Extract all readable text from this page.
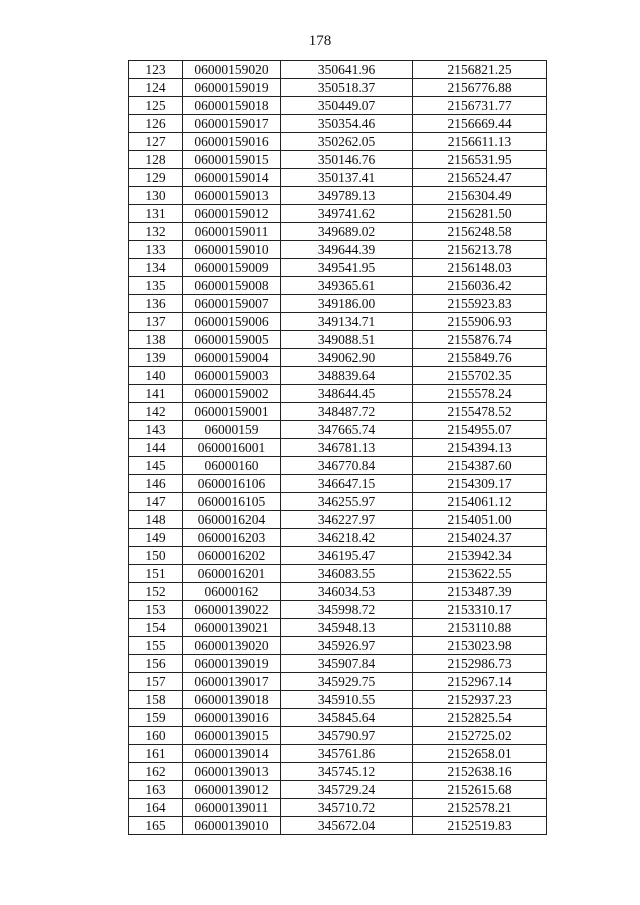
178
123	06000159020	350641.96	2156821.25
124	06000159019	350518.37	2156776.88
125	06000159018	350449.07	2156731.77
126	06000159017	350354.46	2156669.44
127	06000159016	350262.05	2156611.13
128	06000159015	350146.76	2156531.95
129	06000159014	350137.41	2156524.47
130	06000159013	349789.13	2156304.49
131	06000159012	349741.62	2156281.50
132	06000159011	349689.02	2156248.58
133	06000159010	349644.39	2156213.78
134	06000159009	349541.95	2156148.03
135	06000159008	349365.61	2156036.42
136	06000159007	349186.00	2155923.83
137	06000159006	349134.71	2155906.93
138	06000159005	349088.51	2155876.74
139	06000159004	349062.90	2155849.76
140	06000159003	348839.64	2155702.35
141	06000159002	348644.45	2155578.24
142	06000159001	348487.72	2155478.52
143	06000159	347665.74	2154955.07
144	0600016001	346781.13	2154394.13
145	06000160	346770.84	2154387.60
146	0600016106	346647.15	2154309.17
147	0600016105	346255.97	2154061.12
148	0600016204	346227.97	2154051.00
149	0600016203	346218.42	2154024.37
150	0600016202	346195.47	2153942.34
151	0600016201	346083.55	2153622.55
152	06000162	346034.53	2153487.39
153	06000139022	345998.72	2153310.17
154	06000139021	345948.13	2153110.88
155	06000139020	345926.97	2153023.98
156	06000139019	345907.84	2152986.73
157	06000139017	345929.75	2152967.14
158	06000139018	345910.55	2152937.23
159	06000139016	345845.64	2152825.54
160	06000139015	345790.97	2152725.02
161	06000139014	345761.86	2152658.01
162	06000139013	345745.12	2152638.16
163	06000139012	345729.24	2152615.68
164	06000139011	345710.72	2152578.21
165	06000139010	345672.04	2152519.83
